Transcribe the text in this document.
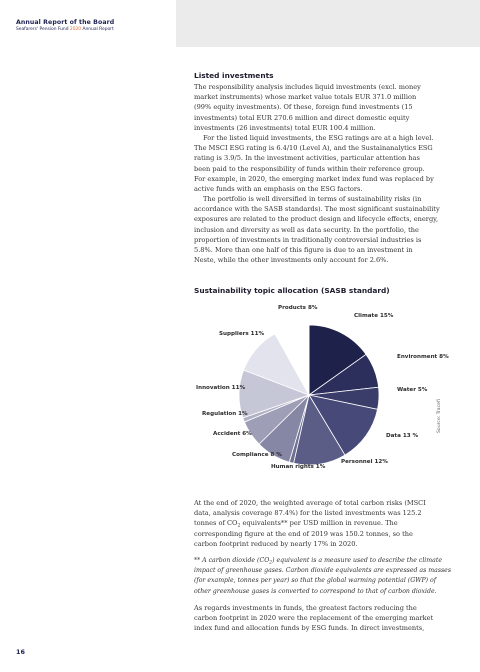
Annual Report of the Board
Seafarers' Pension Fund 2020 Annual Report
Listed investments
The responsibility analysis includes liquid investments (excl. money
market instruments) whose market value totals EUR 371.0 million
(99% equity investments). Of these, foreign fund investments (15
investments) total EUR 270.6 million and direct domestic equity
investments (26 investments) total EUR 100.4 million.
For the listed liquid investments, the ESG ratings are at a high level.
The MSCI ESG rating is 6.4/10 (Level A), and the Sustainanalytics ESG
rating is 3.9/5. In the investment activities, particular attention has
been paid to the responsibility of funds within their reference group.
For example, in 2020, the emerging market index fund was replaced by
active funds with an emphasis on the ESG factors.
The portfolio is well diversified in terms of sustainability risks (in
accordance with the SASB standards). The most significant sustainability
exposures are related to the product design and lifecycle effects, energy,
inclusion and diversity as well as data security. In the portfolio, the
proportion of investments in traditionally controversial industries is
5.8%. More than one half of this figure is due to an investment in
Neste, while the other investments only account for 2.6%.
Sustainability topic allocation (SASB standard)
Products 8%
Climate 15%
Suppliers 11%
Environment 8%
Innovation 11%	Water 5%
Regulation 1%
Accident 6%	Data 13 %
Compliance 8 %
Personnel 12%
Human rights 1%
Source: Tracefi
At the end of 2020, the weighted average of total carbon risks (MSCI
data, analysis coverage 87.4%) for the listed investments was 125.2
tonnes of $CO_2$ equivalents** per USD million in revenue. The
corresponding figure at the end of 2019 was 150.2 tonnes, so the
carbon footprint reduced by nearly 17% in 2020.
** A carbon dioxide $(CO_2)$ equivalent is a measure used to describe the climate
impact of greenhouse gases. Carbon dioxide equivalents are expressed as masses
(for example, tonnes per year) so that the global warming potential (GWP) of
other greenhouse gases is converted to correspond to that of carbon dioxide.
As regards investments in funds, the greatest factors reducing the
carbon footprint in 2020 were the replacement of the emerging market
index fund and allocation funds by ESG funds. In direct investments,
16
